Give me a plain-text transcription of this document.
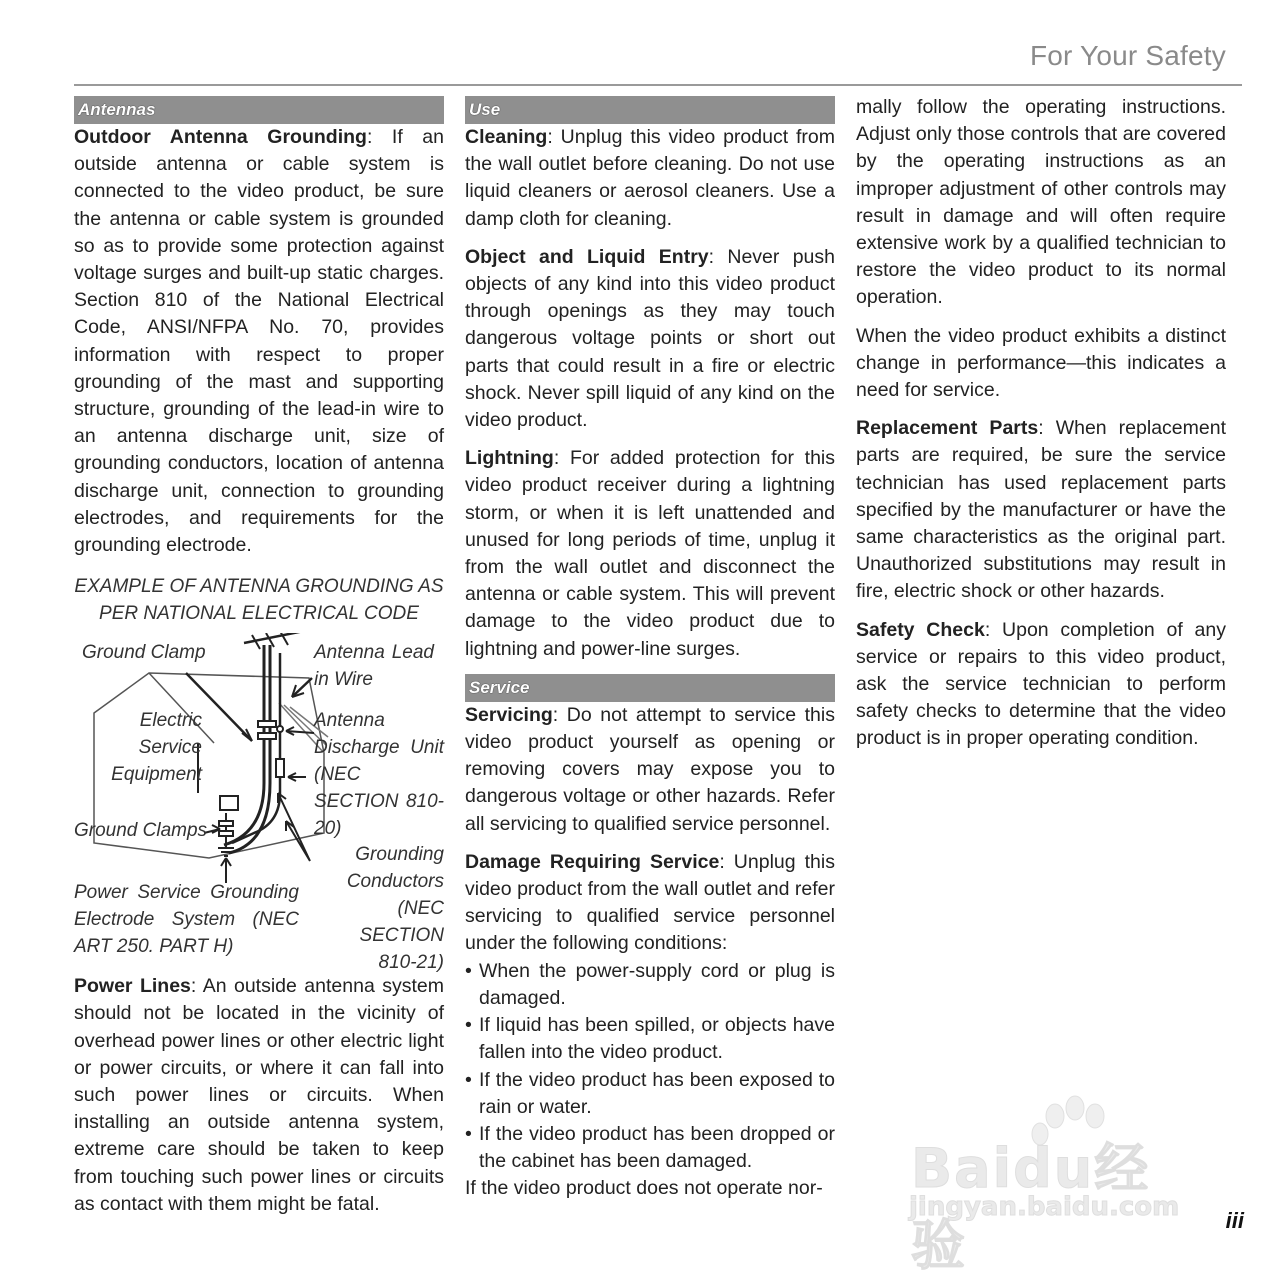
For Your Safety
Antennas

Outdoor Antenna Grounding: If an outside antenna or cable system is connected to the video product, be sure the antenna or cable system is grounded so as to provide some protection against voltage surges and built-up static charges. Section 810 of the National Electrical Code, ANSI/NFPA No. 70, provides information with respect to proper grounding of the mast and supporting structure, grounding of the lead-in wire to an antenna discharge unit, size of grounding conductors, location of antenna discharge unit, connection to grounding electrodes, and requirements for the grounding electrode.

EXAMPLE OF ANTENNA GROUNDING AS PER NATIONAL ELECTRICAL CODE
Ground Clamp	Antenna Lead in Wire
Electric Service Equipment
Antenna Discharge Unit (NEC SECTION 810-20)
Ground Clamps
Grounding Conductors (NEC SECTION 810-21)
Power Service Grounding Electrode System (NEC ART 250. PART H)

Power Lines: An outside antenna system should not be located in the vicinity of overhead power lines or other electric light or power circuits, or where it can fall into such power lines or circuits. When installing an outside antenna system, extreme care should be taken to keep from touching such power lines or circuits as contact with them might be fatal.

Use

Cleaning: Unplug this video product from the wall outlet before cleaning. Do not use liquid cleaners or aerosol cleaners. Use a damp cloth for cleaning.

Object and Liquid Entry: Never push objects of any kind into this video product through openings as they may touch dangerous voltage points or short out parts that could result in a fire or electric shock. Never spill liquid of any kind on the video product.

Lightning: For added protection for this video product receiver during a lightning storm, or when it is left unattended and unused for long periods of time, unplug it from the wall outlet and disconnect the antenna or cable system. This will prevent damage to the video product due to lightning and power-line surges.

Service

Servicing: Do not attempt to service this video product yourself as opening or removing covers may expose you to dangerous voltage or other hazards. Refer all servicing to qualified service personnel.

Damage Requiring Service: Unplug this video product from the wall outlet and refer servicing to qualified service personnel under the following conditions:

• When the power-supply cord or plug is damaged.
• If liquid has been spilled, or objects have fallen into the video product.
• If the video product has been exposed to rain or water.
• If the video product has been dropped or the cabinet has been damaged.

If the video product does not operate nor-

mally follow the operating instructions. Adjust only those controls that are covered by the operating instructions as an improper adjustment of other controls may result in damage and will often require extensive work by a qualified technician to restore the video product to its normal operation.

When the video product exhibits a distinct change in performance—this indicates a need for service.

Replacement Parts: When replacement parts are required, be sure the service technician has used replacement parts specified by the manufacturer or have the same characteristics as the original part. Unauthorized substitutions may result in fire, electric shock or other hazards.

Safety Check: Upon completion of any service or repairs to this video product, ask the service technician to perform safety checks to determine that the video product is in proper operating condition.

Baidu经验
jingyan.baidu.com iii
